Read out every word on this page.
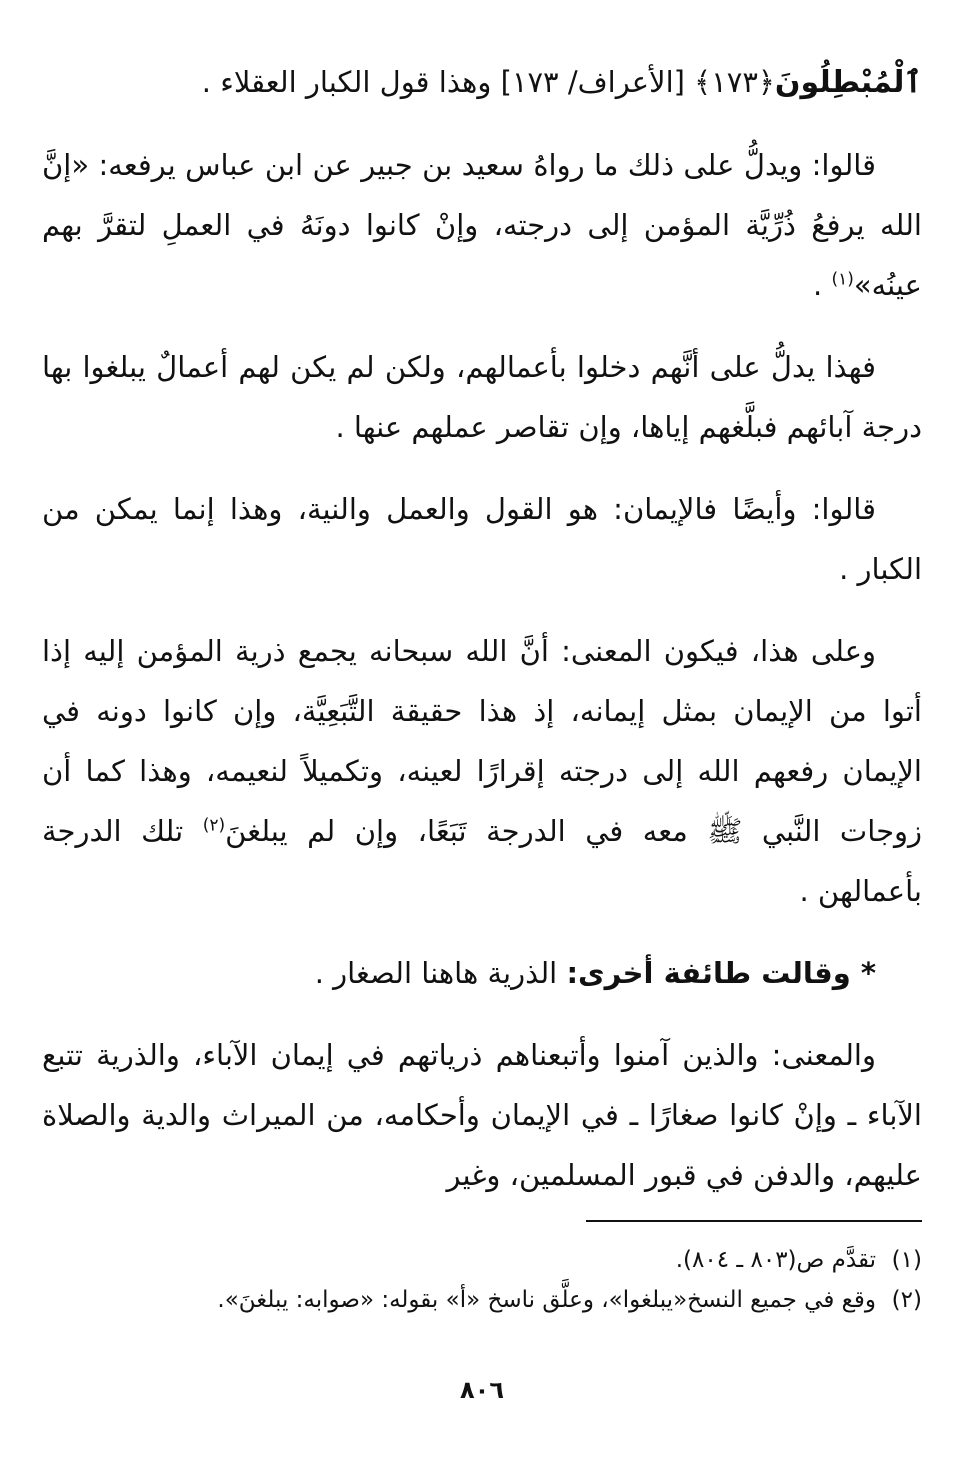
ٱلْمُبْطِلُونَ﴿١٧٣﴾ [الأعراف/ ١٧٣] وهذا قول الكبار العقلاء .

قالوا: ويدلُّ على ذلك ما رواهُ سعيد بن جبير عن ابن عباس يرفعه: «إنَّ الله يرفعُ ذُرِّيَّة المؤمن إلى درجته، وإنْ كانوا دونَهُ في العملِ لتقرَّ بهم عينُه»$^{(١)}$ .

فهذا يدلُّ على أنَّهم دخلوا بأعمالهم، ولكن لم يكن لهم أعمالٌ يبلغوا بها درجة آبائهم فبلَّغهم إياها، وإن تقاصر عملهم عنها .

قالوا: وأيضًا فالإيمان: هو القول والعمل والنية، وهذا إنما يمكن من الكبار .

وعلى هذا، فيكون المعنى: أنَّ الله سبحانه يجمع ذرية المؤمن إليه إذا أتوا من الإيمان بمثل إيمانه، إذ هذا حقيقة التَّبَعِيَّة، وإن كانوا دونه في الإيمان رفعهم الله إلى درجته إقرارًا لعينه، وتكميلاً لنعيمه، وهذا كما أن زوجات النَّبي ﷺ معه في الدرجة تَبَعًا، وإن لم يبلغنَ$^{(٢)}$ تلك الدرجة بأعمالهن .

* وقالت طائفة أخرى: الذرية هاهنا الصغار .

والمعنى: والذين آمنوا وأتبعناهم ذرياتهم في إيمان الآباء، والذرية تتبع الآباء ـ وإنْ كانوا صغارًا ـ في الإيمان وأحكامه، من الميراث والدية والصلاة عليهم، والدفن في قبور المسلمين، وغير

(١)
تقدَّم ص(٨٠٣ ـ ٨٠٤).
(٢)
وقع في جميع النسخ«يبلغوا»، وعلَّق ناسخ «أ» بقوله: «صوابه: يبلغنَ».
٨٠٦
